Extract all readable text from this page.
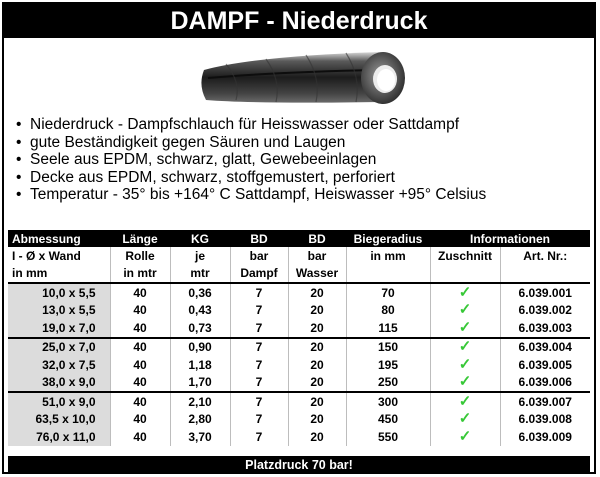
DAMPF - Niederdruck
• Niederdruck - Dampfschlauch für Heisswasser oder Sattdampf
• gute Beständigkeit gegen Säuren und Laugen
• Seele aus EPDM, schwarz, glatt, Gewebeeinlagen
• Decke aus EPDM, schwarz, stoffgemustert, perforiert
• Temperatur - 35° bis +164° C Sattdampf, Heiswasser +95° Celsius
Abmessung	Länge	KG	BD	BD	Biegeradius	Informationen	
I - Ø x Wand	Rolle	je	bar	bar	in mm	Zuschnitt	Art. Nr.:
in mm	in mtr	mtr	Dampf	Wasser			
10,0 x 5,5	40	0,36	7	20	70	✓	6.039.001
13,0 x 5,5	40	0,43	7	20	80	✓	6.039.002
19,0 x 7,0	40	0,73	7	20	115	✓	6.039.003
25,0 x 7,0	40	0,90	7	20	150	✓	6.039.004
32,0 x 7,5	40	1,18	7	20	195	✓	6.039.005
38,0 x 9,0	40	1,70	7	20	250	✓	6.039.006
51,0 x 9,0	40	2,10	7	20	300	✓	6.039.007
63,5 x 10,0	40	2,80	7	20	450	✓	6.039.008
76,0 x 11,0	40	3,70	7	20	550	✓	6.039.009
Platzdruck 70 bar!
